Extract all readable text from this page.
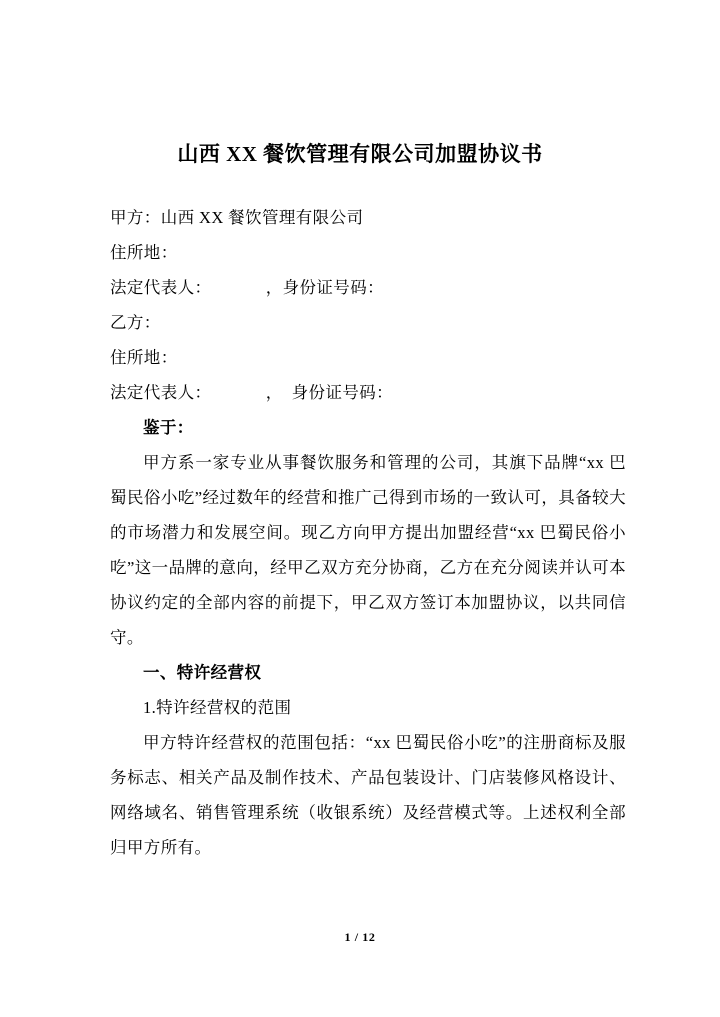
山西 XX 餐饮管理有限公司加盟协议书
甲方：山西 XX 餐饮管理有限公司
住所地：
法定代表人：            ，身份证号码：
乙方：
住所地：
法定代表人：            ，  身份证号码：
鉴于：

甲方系一家专业从事餐饮服务和管理的公司，其旗下品牌“xx 巴蜀民俗小吃”经过数年的经营和推广己得到市场的一致认可，具备较大的市场潜力和发展空间。现乙方向甲方提出加盟经营“xx 巴蜀民俗小吃”这一品牌的意向，经甲乙双方充分协商，乙方在充分阅读并认可本协议约定的全部内容的前提下，甲乙双方签订本加盟协议，以共同信守。

一、特许经营权
1.特许经营权的范围

甲方特许经营权的范围包括：“xx 巴蜀民俗小吃”的注册商标及服务标志、相关产品及制作技术、产品包装设计、门店装修风格设计、网络域名、销售管理系统（收银系统）及经营模式等。上述权利全部归甲方所有。

1 / 12
